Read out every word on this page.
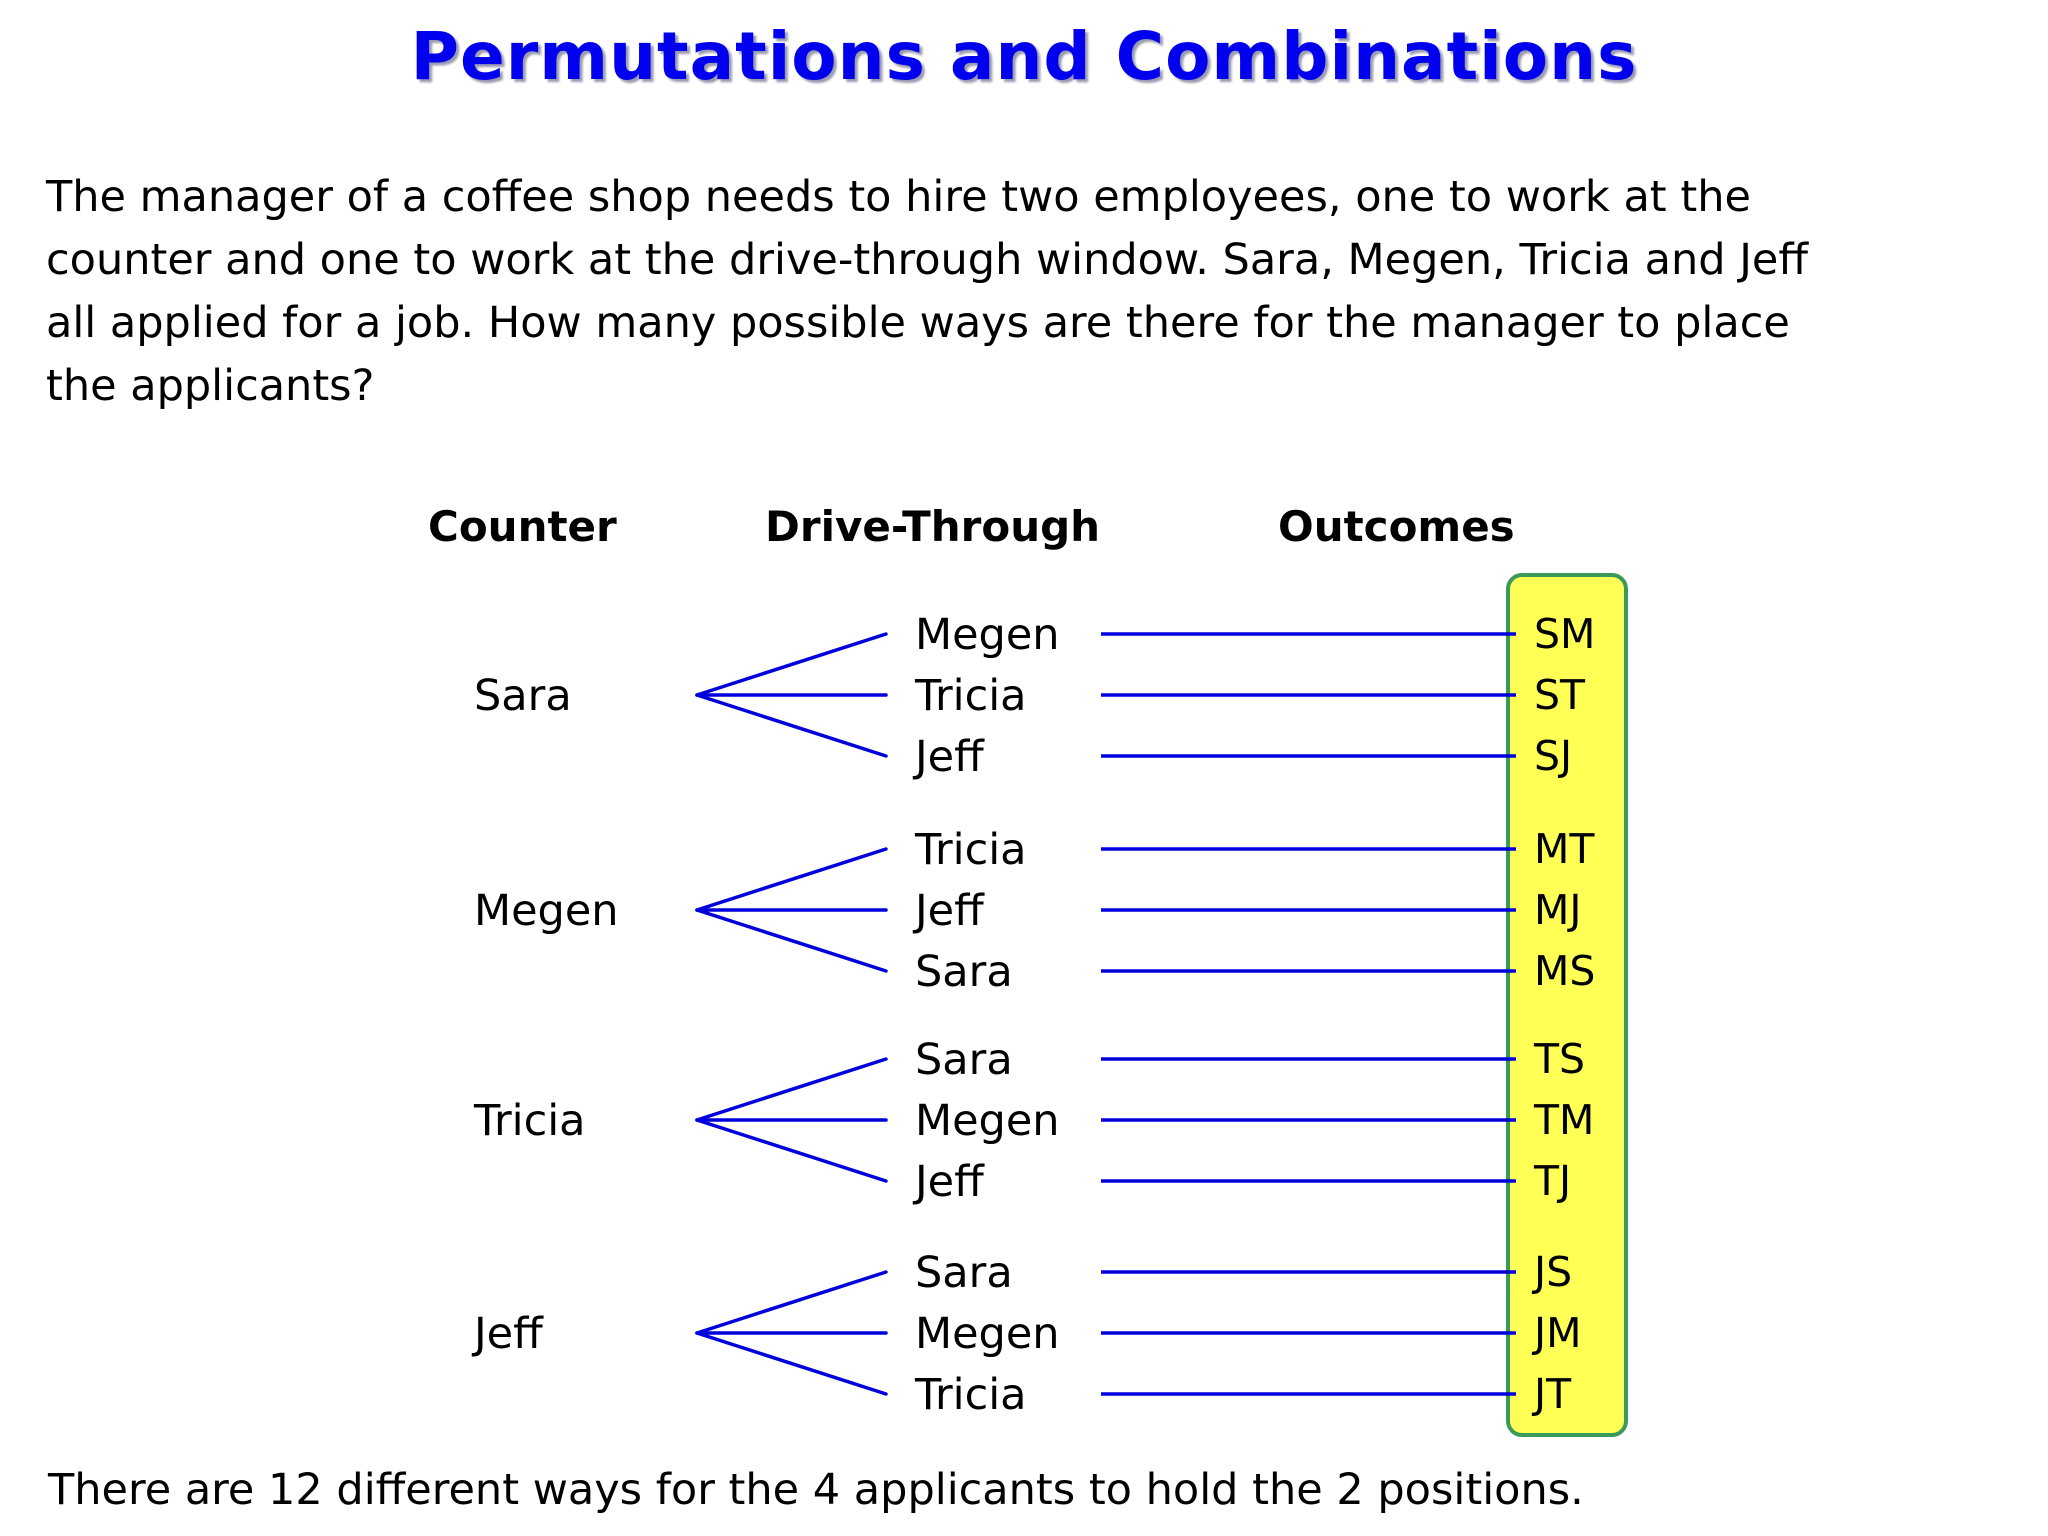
Permutations and Combinations

The manager of a coffee shop needs to hire two employees, one to work at the
counter and one to work at the drive-through window. Sara, Megen, Tricia and Jeff
all applied for a job. How many possible ways are there for the manager to place
the applicants?

Counter	Drive-Through	Outcomes
Sara
Megen	SM
Tricia	ST
Jeff	SJ
Megen
Tricia	MT
Jeff	MJ
Sara	MS
Tricia
Sara	TS
Megen	TM
Jeff	TJ
Jeff
Sara	JS
Megen	JM
Tricia	JT
There are 12 different ways for the 4 applicants to hold the 2 positions.
